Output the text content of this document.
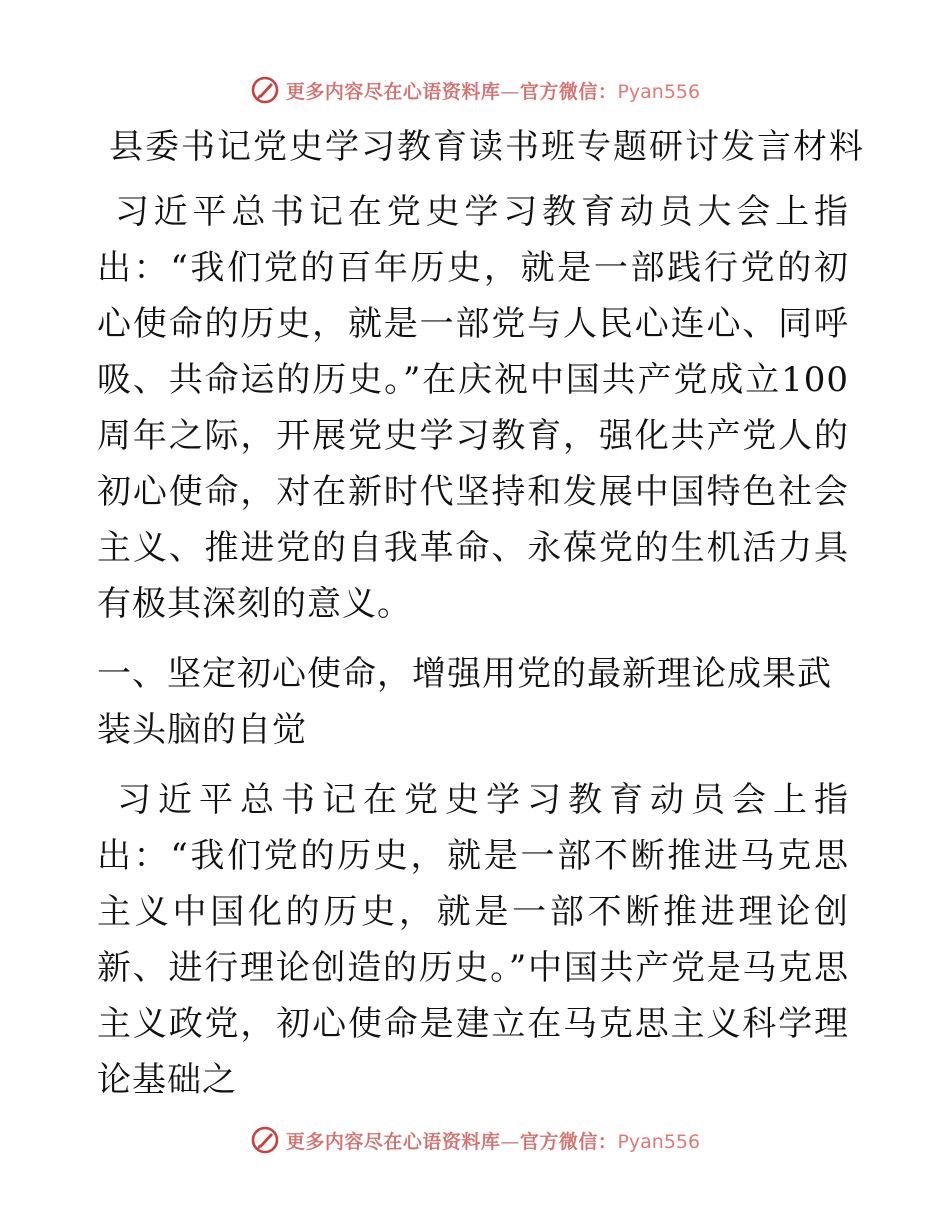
更多内容尽在心语资料库—官方微信：Pyan556
县委书记党史学习教育读书班专题研讨发言材料

习近平总书记在党史学习教育动员大会上指出：“我们党的百年历史，就是一部践行党的初心使命的历史，就是一部党与人民心连心、同呼吸、共命运的历史。”在庆祝中国共产党成立100周年之际，开展党史学习教育，强化共产党人的初心使命，对在新时代坚持和发展中国特色社会主义、推进党的自我革命、永葆党的生机活力具有极其深刻的意义。

一、坚定初心使命，增强用党的最新理论成果武装头脑的自觉

习近平总书记在党史学习教育动员会上指出：“我们党的历史，就是一部不断推进马克思主义中国化的历史，就是一部不断推进理论创新、进行理论创造的历史。”中国共产党是马克思主义政党，初心使命是建立在马克思主义科学理论基础之

更多内容尽在心语资料库—官方微信：Pyan556
